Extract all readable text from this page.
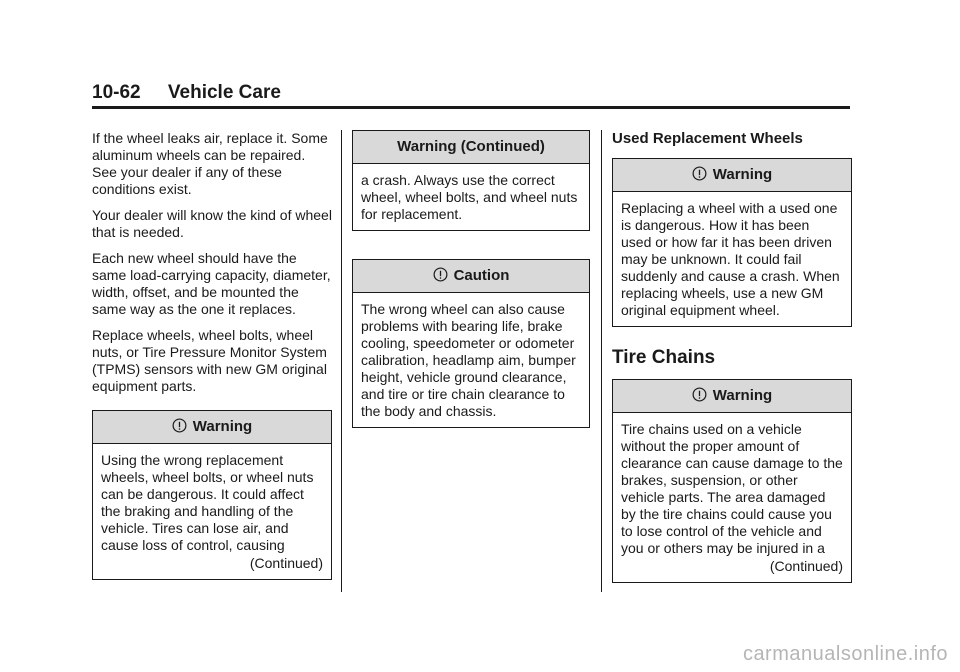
10-62 Vehicle Care

If the wheel leaks air, replace it. Some aluminum wheels can be repaired. See your dealer if any of these conditions exist.

Your dealer will know the kind of wheel that is needed.

Each new wheel should have the same load-carrying capacity, diameter, width, offset, and be mounted the same way as the one it replaces.

Replace wheels, wheel bolts, wheel nuts, or Tire Pressure Monitor System (TPMS) sensors with new GM original equipment parts.

Warning
Using the wrong replacement wheels, wheel bolts, or wheel nuts can be dangerous. It could affect the braking and handling of the vehicle. Tires can lose air, and cause loss of control, causing
(Continued)
Warning (Continued)
a crash. Always use the correct wheel, wheel bolts, and wheel nuts for replacement.
Caution
The wrong wheel can also cause problems with bearing life, brake cooling, speedometer or odometer calibration, headlamp aim, bumper height, vehicle ground clearance, and tire or tire chain clearance to the body and chassis.
Used Replacement Wheels
Warning
Replacing a wheel with a used one is dangerous. How it has been used or how far it has been driven may be unknown. It could fail suddenly and cause a crash. When replacing wheels, use a new GM original equipment wheel.
Tire Chains
Warning
Tire chains used on a vehicle without the proper amount of clearance can cause damage to the brakes, suspension, or other vehicle parts. The area damaged by the tire chains could cause you to lose control of the vehicle and you or others may be injured in a
(Continued)
carmanualsonline.info
